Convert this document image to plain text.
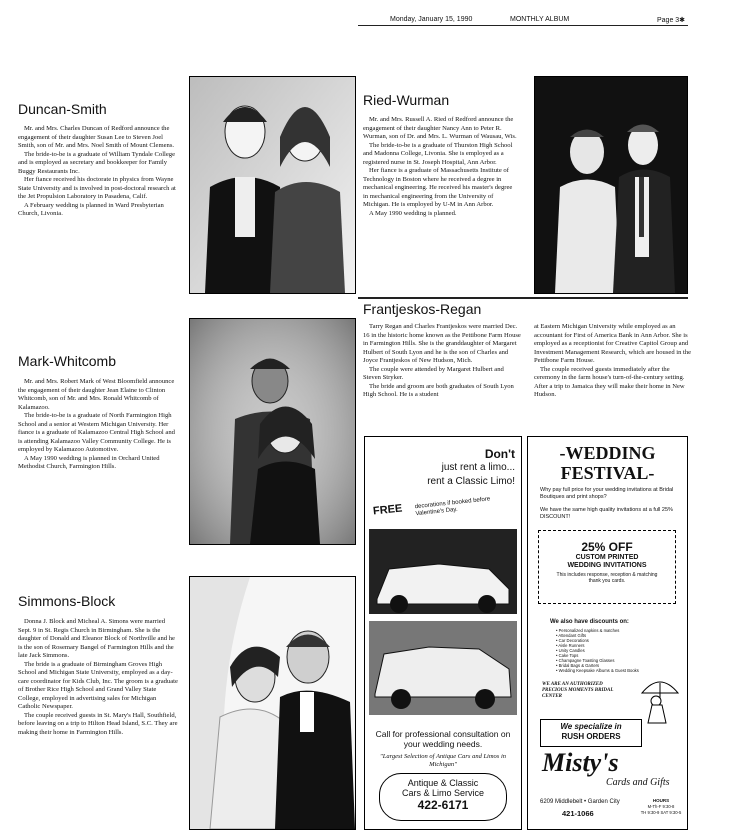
Monday, January 15, 1990	MONTHLY ALBUM	Page 3✱
Duncan-Smith

Mr. and Mrs. Charles Duncan of Redford announce the engagement of their daughter Susan Lee to Steven Joel Smith, son of Mr. and Mrs. Noel Smith of Mount Clemens.

The bride-to-be is a graduate of William Tyndale College and is employed as secretary and bookkeeper for Family Buggy Restaurants Inc.

Her fiance received his doctorate in physics from Wayne State University and is involved in post-doctoral research at the Jet Propulsion Laboratory in Pasadena, Calif.

A February wedding is planned in Ward Presbyterian Church, Livonia.

Ried-Wurman

Mr. and Mrs. Russell A. Ried of Redford announce the engagement of their daughter Nancy Ann to Peter R. Wurman, son of Dr. and Mrs. L. Wurman of Wausau, Wis.

The bride-to-be is a graduate of Thurston High School and Madonna College, Livonia. She is employed as a registered nurse in St. Joseph Hospital, Ann Arbor.

Her fiance is a graduate of Massachusetts Institute of Technology in Boston where he received a degree in mechanical engineering. He received his master's degree in mechanical engineering from the University of Michigan. He is employed by U-M in Ann Arbor.

A May 1990 wedding is planned.

Frantjeskos-Regan

Tarry Regan and Charles Frantjeskos were married Dec. 16 in the historic home known as the Pettibone Farm House in Farmington Hills. She is the granddaughter of Margaret Hulbert of South Lyon and he is the son of Charles and Joyce Frantjeskos of New Hudson, Mich.

The couple were attended by Margaret Hulbert and Steven Stryker.

The bride and groom are both graduates of South Lyon High School. He is a student

at Eastern Michigan University while employed as an accountant for First of America Bank in Ann Arbor. She is employed as a receptionist for Creative Capitol Group and Investment Management Research, which are housed in the Pettibone Farm House.

The couple received guests immediately after the ceremony in the farm house's turn-of-the-century setting. After a trip to Jamaica they will make their home in New Hudson.

Mark-Whitcomb

Mr. and Mrs. Robert Mark of West Bloomfield announce the engagement of their daughter Jean Elaine to Clinton Whitcomb, son of Mr. and Mrs. Ronald Whitcomb of Kalamazoo.

The bride-to-be is a graduate of North Farmington High School and a senior at Western Michigan University. Her fiance is a graduate of Kalamazoo Central High School and is attending Kalamazoo Valley Community College. He is employed by Kalamazoo Automotive.

A May 1990 wedding is planned in Orchard United Methodist Church, Farmington Hills.

Simmons-Block

Donna J. Block and Micheal A. Simons were married Sept. 9 in St. Regis Church in Birmingham. She is the daughter of Donald and Eleanor Block of Northville and he is the son of Rosemary Bangel of Farmington Hills and the late Jack Simmons.

The bride is a graduate of Birmingham Groves High School and Michigan State University, employed as a day-care coordinator for Kids Club, Inc. The groom is a graduate of Brother Rice High School and Grand Valley State College, employed in advertising sales for Michigan Catholic Newspaper.

The couple received guests in St. Mary's Hall, Southfield, before leaving on a trip to Hilton Head Island, S.C. They are making their home in Farmington Hills.

Don't
just rent a limo...
rent a Classic Limo!
FREE decorations if booked before Valentine's Day.
Call for professional consultation on your wedding needs.
"Largest Selection of Antique Cars and Limos in Michigan"
Antique & Classic
Cars & Limo Service
422-6171
-WEDDING
FESTIVAL-
Why pay full price for your wedding invitations at Bridal Boutiques and print shops?
We have the same high quality invitations at a full 25% DISCOUNT!
25% OFF
CUSTOM PRINTED
WEDDING INVITATIONS
This includes response, reception & matching thank you cards.
We also have discounts on:
• Personalized napkins & matches
• Attendant Gifts
• Car Decorations
• Aisle Runners
• Unity Candles
• Cake Tops
• Champagne Toasting Glasses
• Bridal Bags & Garters
• Wedding Keepsake Albums & Guest Books
WE ARE AN AUTHORIZED PRECIOUS MOMENTS BRIDAL CENTER
We specialize in
RUSH ORDERS
Misty's
Cards and Gifts
6209 Middlebelt • Garden City
421-1066
HOURS
M-Th-F 9:30-8
TH 9:30-9 SAT 9:30-5
